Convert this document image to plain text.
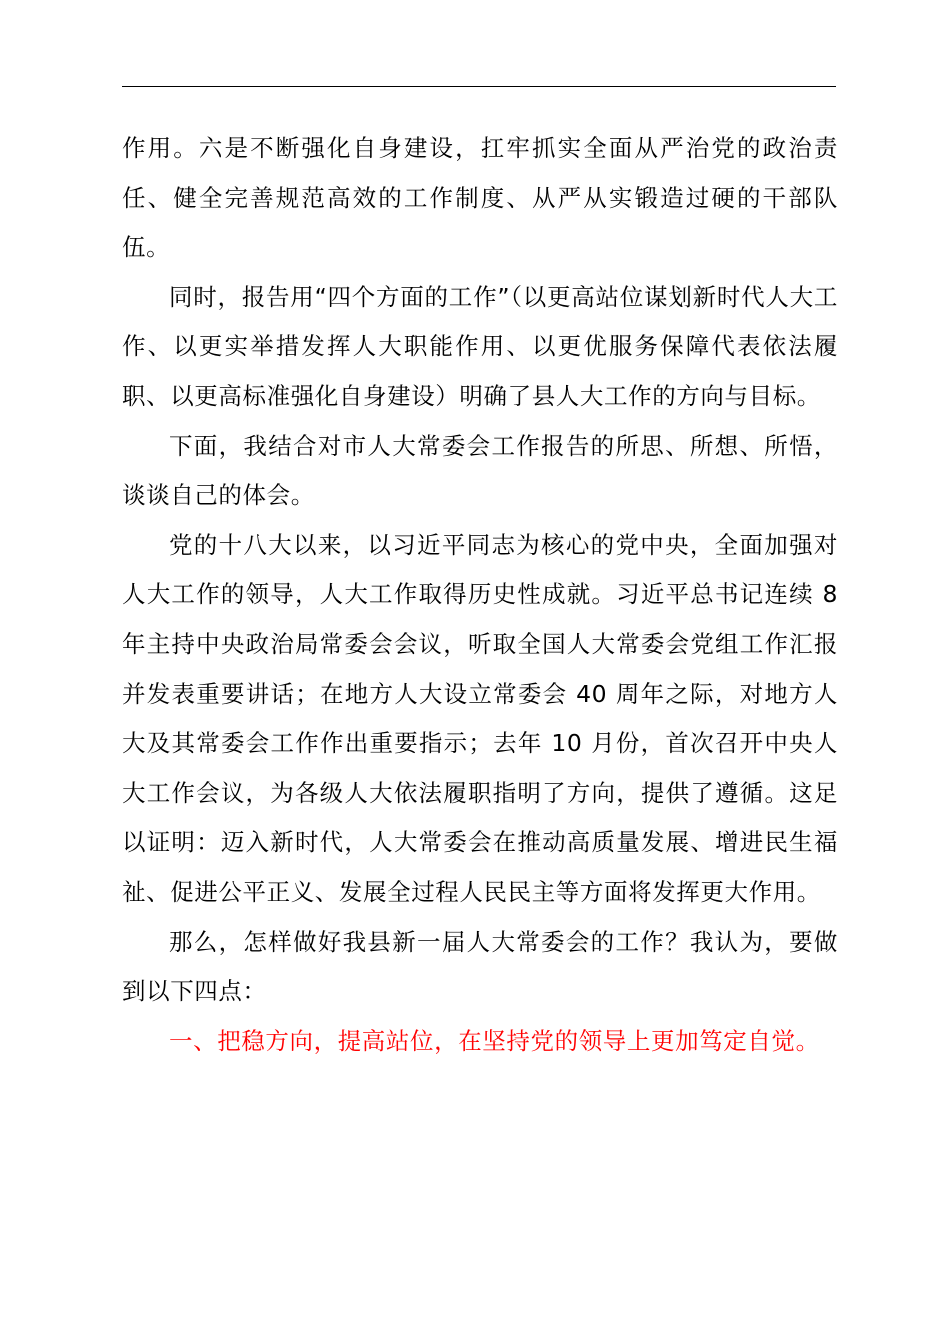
作用。六是不断强化自身建设，扛牢抓实全面从严治党的政治责任、健全完善规范高效的工作制度、从严从实锻造过硬的干部队伍。

同时，报告用“四个方面的工作”（以更高站位谋划新时代人大工作、以更实举措发挥人大职能作用、以更优服务保障代表依法履职、以更高标准强化自身建设）明确了县人大工作的方向与目标。

下面，我结合对市人大常委会工作报告的所思、所想、所悟，谈谈自己的体会。

党的十八大以来，以习近平同志为核心的党中央，全面加强对人大工作的领导，人大工作取得历史性成就。习近平总书记连续 8 年主持中央政治局常委会会议，听取全国人大常委会党组工作汇报并发表重要讲话；在地方人大设立常委会 40 周年之际，对地方人大及其常委会工作作出重要指示；去年 10 月份，首次召开中央人大工作会议，为各级人大依法履职指明了方向，提供了遵循。这足以证明：迈入新时代，人大常委会在推动高质量发展、增进民生福祉、促进公平正义、发展全过程人民民主等方面将发挥更大作用。

那么，怎样做好我县新一届人大常委会的工作？我认为，要做到以下四点：

一、把稳方向，提高站位，在坚持党的领导上更加笃定自觉。
